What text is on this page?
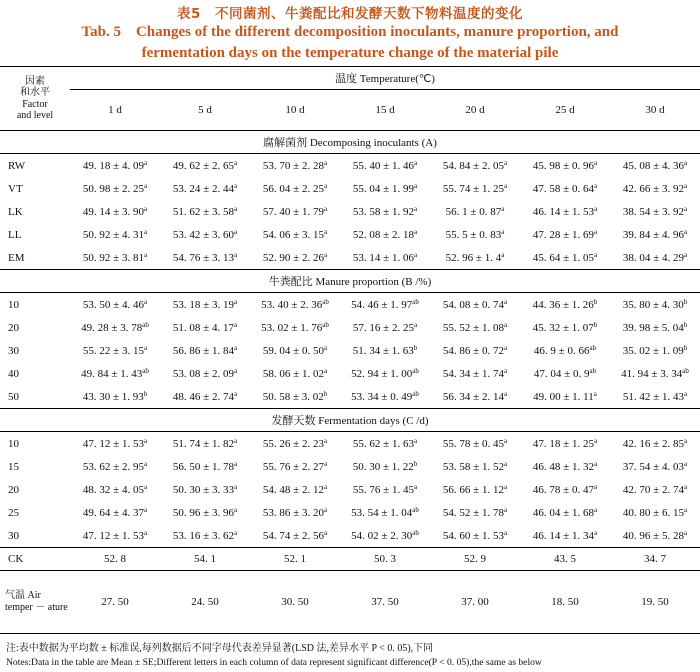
表5　不同菌剂、牛粪配比和发酵天数下物料温度的变化
Tab. 5　Changes of the different decomposition inoculants, manure proportion, and
fermentation days on the temperature change of the material pile
因素
和水平
Factor
and level	温度 Temperature(℃)						
	1 d	5 d	10 d	15 d	20 d	25 d	30 d
腐解菌剂 Decomposing inoculants (A)							
RW	49. 18 ± 4. 09$^a$	49. 62 ± 2. 65$^a$	53. 70 ± 2. 28$^a$	55. 40 ± 1. 46$^a$	54. 84 ± 2. 05$^a$	45. 98 ± 0. 96$^a$	45. 08 ± 4. 36$^a$
VT	50. 98 ± 2. 25$^a$	53. 24 ± 2. 44$^a$	56. 04 ± 2. 25$^a$	55. 04 ± 1. 99$^a$	55. 74 ± 1. 25$^a$	47. 58 ± 0. 64$^a$	42. 66 ± 3. 92$^a$
LK	49. 14 ± 3. 90$^a$	51. 62 ± 3. 58$^a$	57. 40 ± 1. 79$^a$	53. 58 ± 1. 92$^a$	56. 1 ± 0. 87$^a$	46. 14 ± 1. 53$^a$	38. 54 ± 3. 92$^a$
LL	50. 92 ± 4. 31$^a$	53. 42 ± 3. 60$^a$	54. 06 ± 3. 15$^a$	52. 08 ± 2. 18$^a$	55. 5 ± 0. 83$^a$	47. 28 ± 1. 69$^a$	39. 84 ± 4. 96$^a$
EM	50. 92 ± 3. 81$^a$	54. 76 ± 3. 13$^a$	52. 90 ± 2. 26$^a$	53. 14 ± 1. 06$^a$	52. 96 ± 1. 4$^a$	45. 64 ± 1. 05$^a$	38. 04 ± 4. 29$^a$
牛粪配比 Manure proportion (B /%)							
10	53. 50 ± 4. 46$^a$	53. 18 ± 3. 19$^a$	53. 40 ± 2. $36^{ab}$	54. 46 ± 1. $97^{ab}$	54. 08 ± 0. 74$^a$	44. 36 ± 1. 26$^b$	35. 80 ± 4. 30$^b$
20	49. 28 ± 3. $78^{ab}$	51. 08 ± 4. 17$^a$	53. 02 ± 1. $76^{ab}$	57. 16 ± 2. 25$^a$	55. 52 ± 1. 08$^a$	45. 32 ± 1. 07$^b$	39. 98 ± 5. 04$^b$
30	55. 22 ± 3. 15$^a$	56. 86 ± 1. 84$^a$	59. 04 ± 0. 50$^a$	51. 34 ± 1. 63$^b$	54. 86 ± 0. 72$^a$	46. 9 ± 0. $66^{ab}$	35. 02 ± 1. 09$^b$
40	49. 84 ± 1. $43^{ab}$	53. 08 ± 2. 09$^a$	58. 06 ± 1. 02$^a$	52. 94 ± 1. $00^{ab}$	54. 34 ± 1. 74$^a$	47. 04 ± 0. $9^{ab}$	41. 94 ± 3. $34^{ab}$
50	43. 30 ± 1. 93$^b$	48. 46 ± 2. 74$^a$	50. 58 ± 3. 02$^b$	53. 34 ± 0. $49^{ab}$	56. 34 ± 2. 14$^a$	49. 00 ± 1. 11$^a$	51. 42 ± 1. 43$^a$
发酵天数 Fermentation days (C /d)							
10	47. 12 ± 1. 53$^a$	51. 74 ± 1. 82$^a$	55. 26 ± 2. 23$^a$	55. 62 ± 1. 63$^a$	55. 78 ± 0. 45$^a$	47. 18 ± 1. 25$^a$	42. 16 ± 2. 85$^a$
15	53. 62 ± 2. 95$^a$	56. 50 ± 1. 78$^a$	55. 76 ± 2. 27$^a$	50. 30 ± 1. 22$^b$	53. 58 ± 1. 52$^a$	46. 48 ± 1. 32$^a$	37. 54 ± 4. 03$^a$
20	48. 32 ± 4. 05$^a$	50. 30 ± 3. 33$^a$	54. 48 ± 2. 12$^a$	55. 76 ± 1. 45$^a$	56. 66 ± 1. 12$^a$	46. 78 ± 0. 47$^a$	42. 70 ± 2. 74$^a$
25	49. 64 ± 4. 37$^a$	50. 96 ± 3. 96$^a$	53. 86 ± 3. 20$^a$	53. 54 ± 1. $04^{ab}$	54. 52 ± 1. 78$^a$	46. 04 ± 1. 68$^a$	40. 80 ± 6. 15$^a$
30	47. 12 ± 1. 53$^a$	53. 16 ± 3. 62$^a$	54. 74 ± 2. 56$^a$	54. 02 ± 2. $30^{ab}$	54. 60 ± 1. 53$^a$	46. 14 ± 1. 34$^a$	40. 96 ± 5. 28$^a$
CK	52. 8	54. 1	52. 1	50. 3	52. 9	43. 5	34. 7
气温 Air temper － ature	27. 50	24. 50	30. 50	37. 50	37. 00	18. 50	19. 50
注:表中数据为平均数 ± 标准误,每列数据后不同字母代表差异显著(LSD 法,差异水平 P < 0. 05),下同
Notes:Data in the table are Mean ± SE;Different letters in each column of data represent significant difference(P < 0. 05),the same as below
